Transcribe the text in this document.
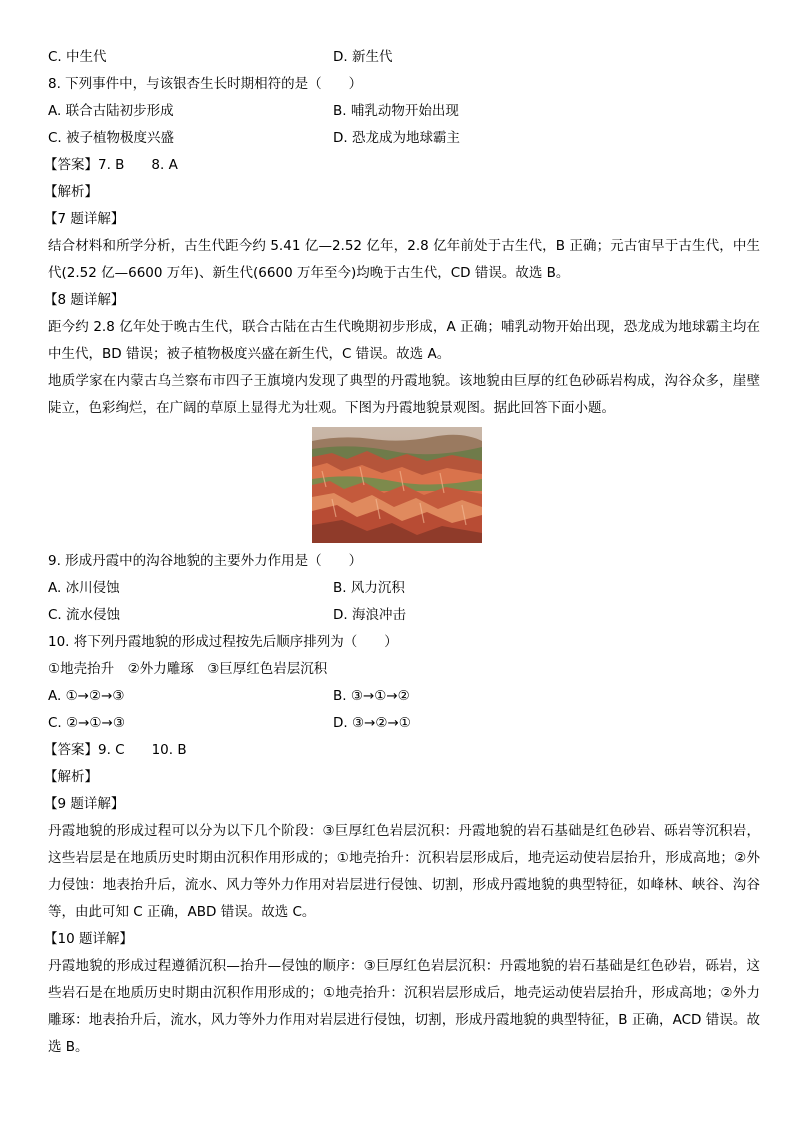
C. 中生代	D. 新生代
8. 下列事件中，与该银杏生长时期相符的是（　　）
A. 联合古陆初步形成	B. 哺乳动物开始出现
C. 被子植物极度兴盛	D. 恐龙成为地球霸主
【答案】7. B　　8. A
【解析】
【7 题详解】
结合材料和所学分析，古生代距今约 5.41 亿—2.52 亿年，2.8 亿年前处于古生代，B 正确；元古宙早于古生代，中生代(2.52 亿—6600 万年)、新生代(6600 万年至今)均晚于古生代，CD 错误。故选 B。
【8 题详解】
距今约 2.8 亿年处于晚古生代，联合古陆在古生代晚期初步形成，A 正确；哺乳动物开始出现，恐龙成为地球霸主均在中生代，BD 错误；被子植物极度兴盛在新生代，C 错误。故选 A。
地质学家在内蒙古乌兰察布市四子王旗境内发现了典型的丹霞地貌。该地貌由巨厚的红色砂砾岩构成，沟谷众多，崖壁陡立，色彩绚烂，在广阔的草原上显得尤为壮观。下图为丹霞地貌景观图。据此回答下面小题。
9. 形成丹霞中的沟谷地貌的主要外力作用是（　　）
A. 冰川侵蚀	B. 风力沉积
C. 流水侵蚀	D. 海浪冲击
10. 将下列丹霞地貌的形成过程按先后顺序排列为（　　）
①地壳抬升　②外力雕琢　③巨厚红色岩层沉积
A. ①→②→③	B. ③→①→②
C. ②→①→③	D. ③→②→①
【答案】9. C　　10. B
【解析】
【9 题详解】
丹霞地貌的形成过程可以分为以下几个阶段：③巨厚红色岩层沉积：丹霞地貌的岩石基础是红色砂岩、砾岩等沉积岩，这些岩层是在地质历史时期由沉积作用形成的；①地壳抬升：沉积岩层形成后，地壳运动使岩层抬升，形成高地；②外力侵蚀：地表抬升后，流水、风力等外力作用对岩层进行侵蚀、切割，形成丹霞地貌的典型特征，如峰林、峡谷、沟谷等，由此可知 C 正确，ABD 错误。故选 C。
【10 题详解】
丹霞地貌的形成过程遵循沉积—抬升—侵蚀的顺序：③巨厚红色岩层沉积：丹霞地貌的岩石基础是红色砂岩，砾岩，这些岩石是在地质历史时期由沉积作用形成的；①地壳抬升：沉积岩层形成后，地壳运动使岩层抬升，形成高地；②外力雕琢：地表抬升后，流水，风力等外力作用对岩层进行侵蚀，切割，形成丹霞地貌的典型特征，B 正确，ACD 错误。故选 B。
